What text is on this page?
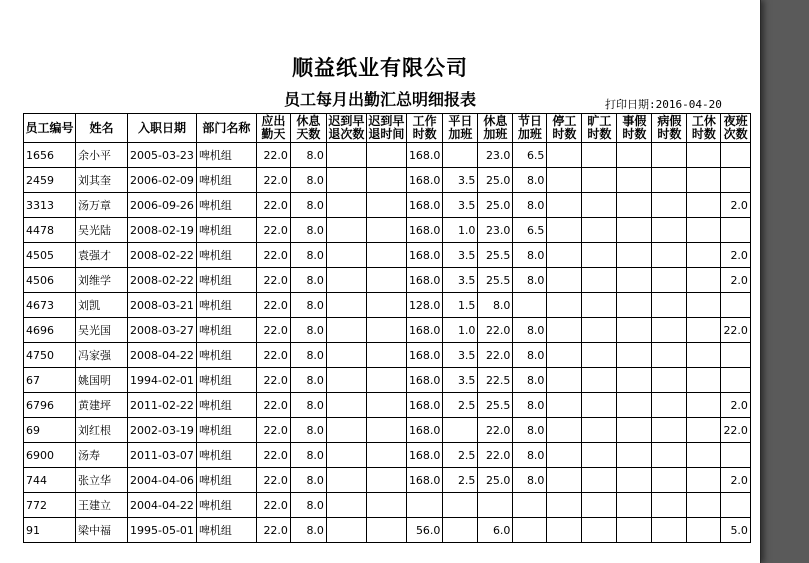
顺益纸业有限公司
员工每月出勤汇总明细报表	打印日期:2016-04-20
员工编号	姓名	入职日期	部门名称	应出勤天	休息天数	迟到早退次数	迟到早退时间	工作时数	平日加班	休息加班	节日加班	停工时数	旷工时数	事假时数	病假时数	工休时数	夜班次数
1656	余小平	2005-03-23	啤机组	22.0	8.0			168.0		23.0	6.5						
2459	刘其奎	2006-02-09	啤机组	22.0	8.0			168.0	3.5	25.0	8.0						
3313	汤万章	2006-09-26	啤机组	22.0	8.0			168.0	3.5	25.0	8.0						2.0
4478	吴光陆	2008-02-19	啤机组	22.0	8.0			168.0	1.0	23.0	6.5						
4505	袁强才	2008-02-22	啤机组	22.0	8.0			168.0	3.5	25.5	8.0						2.0
4506	刘维学	2008-02-22	啤机组	22.0	8.0			168.0	3.5	25.5	8.0						2.0
4673	刘凯	2008-03-21	啤机组	22.0	8.0			128.0	1.5	8.0							
4696	吴光国	2008-03-27	啤机组	22.0	8.0			168.0	1.0	22.0	8.0						22.0
4750	冯家强	2008-04-22	啤机组	22.0	8.0			168.0	3.5	22.0	8.0						
67	姚国明	1994-02-01	啤机组	22.0	8.0			168.0	3.5	22.5	8.0						
6796	黄建坪	2011-02-22	啤机组	22.0	8.0			168.0	2.5	25.5	8.0						2.0
69	刘红根	2002-03-19	啤机组	22.0	8.0			168.0		22.0	8.0						22.0
6900	汤寿	2011-03-07	啤机组	22.0	8.0			168.0	2.5	22.0	8.0						
744	张立华	2004-04-06	啤机组	22.0	8.0			168.0	2.5	25.0	8.0						2.0
772	王建立	2004-04-22	啤机组	22.0	8.0												
91	梁中福	1995-05-01	啤机组	22.0	8.0			56.0		6.0							5.0
